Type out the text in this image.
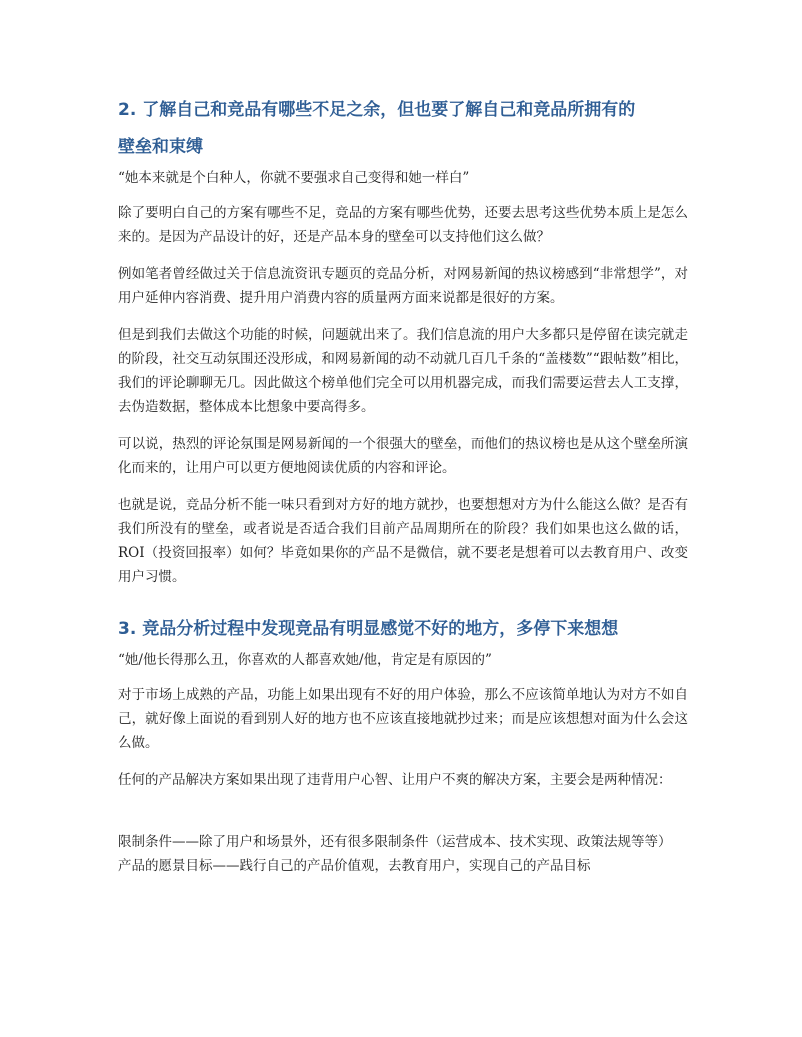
2. 了解自己和竞品有哪些不足之余，但也要了解自己和竞品所拥有的
壁垒和束缚

“她本来就是个白种人，你就不要强求自己变得和她一样白”

除了要明白自己的方案有哪些不足，竞品的方案有哪些优势，还要去思考这些优势本质上是怎么来的。是因为产品设计的好，还是产品本身的壁垒可以支持他们这么做？

例如笔者曾经做过关于信息流资讯专题页的竞品分析，对网易新闻的热议榜感到“非常想学”，对用户延伸内容消费、提升用户消费内容的质量两方面来说都是很好的方案。

但是到我们去做这个功能的时候，问题就出来了。我们信息流的用户大多都只是停留在读完就走的阶段，社交互动氛围还没形成，和网易新闻的动不动就几百几千条的“盖楼数”“跟帖数”相比，我们的评论聊聊无几。因此做这个榜单他们完全可以用机器完成，而我们需要运营去人工支撑，去伪造数据，整体成本比想象中要高得多。

可以说，热烈的评论氛围是网易新闻的一个很强大的壁垒，而他们的热议榜也是从这个壁垒所演化而来的，让用户可以更方便地阅读优质的内容和评论。

也就是说，竞品分析不能一味只看到对方好的地方就抄，也要想想对方为什么能这么做？是否有我们所没有的壁垒，或者说是否适合我们目前产品周期所在的阶段？我们如果也这么做的话，ROI（投资回报率）如何？毕竟如果你的产品不是微信，就不要老是想着可以去教育用户、改变用户习惯。

3. 竞品分析过程中发现竞品有明显感觉不好的地方，多停下来想想

“她/他长得那么丑，你喜欢的人都喜欢她/他，肯定是有原因的”

对于市场上成熟的产品，功能上如果出现有不好的用户体验，那么不应该简单地认为对方不如自己，就好像上面说的看到别人好的地方也不应该直接地就抄过来；而是应该想想对面为什么会这么做。

任何的产品解决方案如果出现了违背用户心智、让用户不爽的解决方案，主要会是两种情况：

限制条件——除了用户和场景外，还有很多限制条件（运营成本、技术实现、政策法规等等）

产品的愿景目标——践行自己的产品价值观，去教育用户，实现自己的产品目标
